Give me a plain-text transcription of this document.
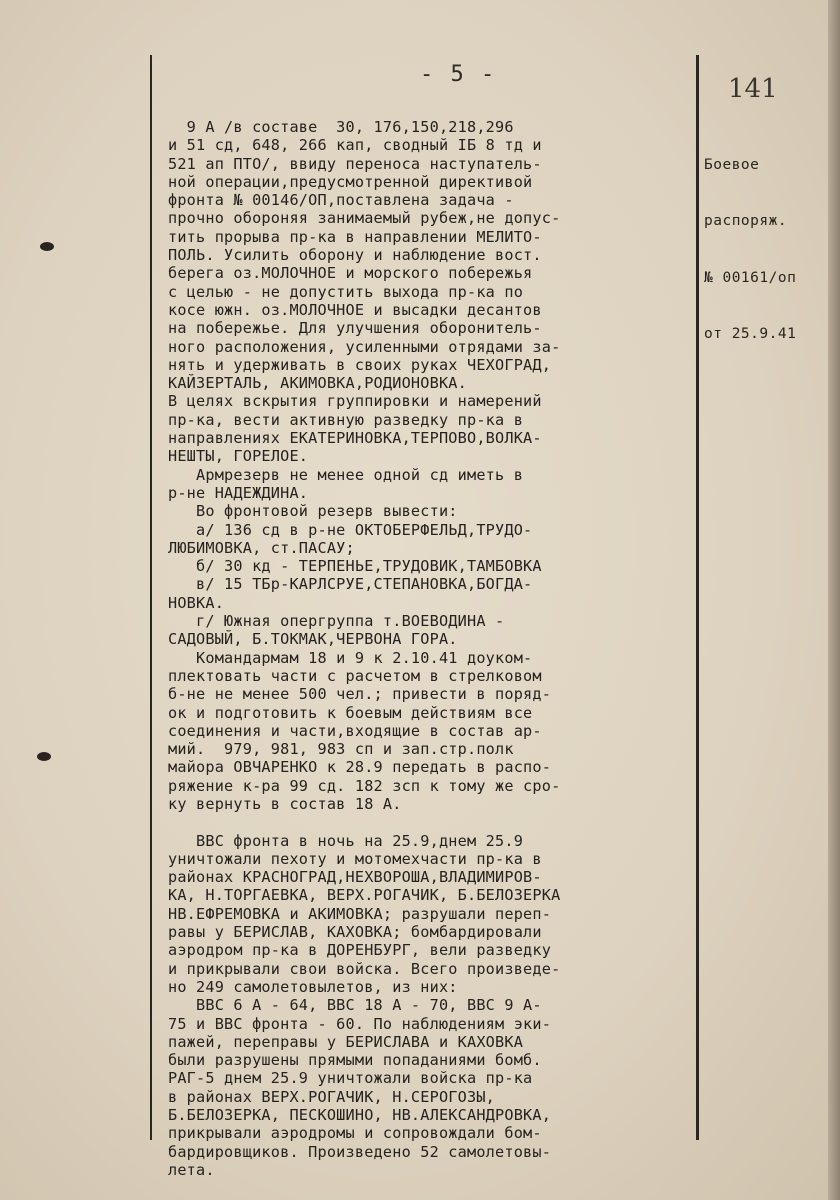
- 5 -	141

Боевое

распоряж.

№ 00161/оп

от 25.9.41

9 А /в составе  30, 176,150,218,296
и 51 сд, 648, 266 кап, сводный IБ 8 тд и
521 ап ПТО/, ввиду переноса наступатель-
ной операции,предусмотренной директивой
фронта № 00146/ОП,поставлена задача -
прочно обороняя занимаемый рубеж,не допус-
тить прорыва пр-ка в направлении МЕЛИТО-
ПОЛЬ. Усилить оборону и наблюдение вост.
берега оз.МОЛОЧНОЕ и морского побережья
с целью - не допустить выхода пр-ка по
косе южн. оз.МОЛОЧНОЕ и высадки десантов
на побережье. Для улучшения оборонитель-
ного расположения, усиленными отрядами за-
нять и удерживать в своих руках ЧЕХОГРАД,
КАЙЗЕРТАЛЬ, АКИМОВКА,РОДИОНОВКА.
В целях вскрытия группировки и намерений
пр-ка, вести активную разведку пр-ка в
направлениях ЕКАТЕРИНОВКА,ТЕРПОВО,ВОЛКА-
НЕШТЫ, ГОРЕЛОЕ.
Армрезерв не менее одной сд иметь в
р-не НАДЕЖДИНА.
Во фронтовой резерв вывести:
а/ 136 сд в р-не ОКТОБЕРФЕЛЬД,ТРУДО-
ЛЮБИМОВКА, ст.ПАСАУ;
б/ 30 кд - ТЕРПЕНЬЕ,ТРУДОВИК,ТАМБОВКА
в/ 15 ТБр-КАРЛСРУЕ,СТЕПАНОВКА,БОГДА-
НОВКА.
г/ Южная опергруппа т.ВОЕВОДИНА -
САДОВЫЙ, Б.ТОКМАК,ЧЕРВОНА ГОРА.
Командармам 18 и 9 к 2.10.41 доуком-
плектовать части с расчетом в стрелковом
б-не не менее 500 чел.; привести в поряд-
ок и подготовить к боевым действиям все
соединения и части,входящие в состав ар-
мий.  979, 981, 983 сп и зап.стр.полк
майора ОВЧАРЕНКО к 28.9 передать в распо-
ряжение к-ра 99 сд. 182 зсп к тому же сро-
ку вернуть в состав 18 А.
ВВС фронта в ночь на 25.9,днем 25.9
уничтожали пехоту и мотомехчасти пр-ка в
районах КРАСНОГРАД,НЕХВОРОША,ВЛАДИМИРОВ-
КА, Н.ТОРГАЕВКА, ВЕРХ.РОГАЧИК, Б.БЕЛОЗЕРКА
НВ.ЕФРЕМОВКА и АКИМОВКА; разрушали переп-
равы у БЕРИСЛАВ, КАХОВКА; бомбардировали
аэродром пр-ка в ДОРЕНБУРГ, вели разведку
и прикрывали свои войска. Всего произведе-
но 249 самолетовылетов, из них:
ВВС 6 А - 64, ВВС 18 А - 70, ВВС 9 А-
75 и ВВС фронта - 60. По наблюдениям эки-
пажей, переправы у БЕРИСЛАВА и КАХОВКА
были разрушены прямыми попаданиями бомб.
РАГ-5 днем 25.9 уничтожали войска пр-ка
в районах ВЕРХ.РОГАЧИК, Н.СЕРОГОЗЫ,
Б.БЕЛОЗЕРКА, ПЕСКОШИНО, НВ.АЛЕКСАНДРОВКА,
прикрывали аэродромы и сопровождали бом-
бардировщиков. Произведено 52 самолетовы-
лета.
